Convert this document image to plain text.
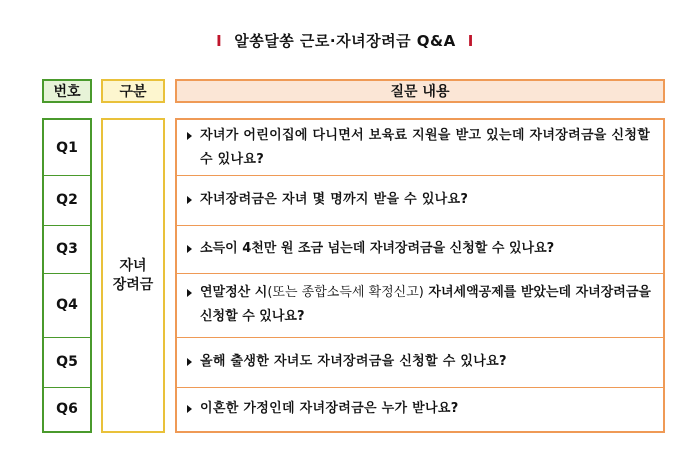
I 알쏭달쏭 근로·자녀장려금 Q&A I
번호	구분	질문 내용
Q1
Q2
Q3
Q4
Q5
Q6
자녀
장려금
자녀가 어린이집에 다니면서 보육료 지원을 받고 있는데 자녀장려금을 신청할 수 있나요?
자녀장려금은 자녀 몇 명까지 받을 수 있나요?
소득이 4천만 원 조금 넘는데 자녀장려금을 신청할 수 있나요?
연말정산 시(또는 종합소득세 확정신고) 자녀세액공제를 받았는데 자녀장려금을 신청할 수 있나요?
올해 출생한 자녀도 자녀장려금을 신청할 수 있나요?
이혼한 가정인데 자녀장려금은 누가 받나요?
